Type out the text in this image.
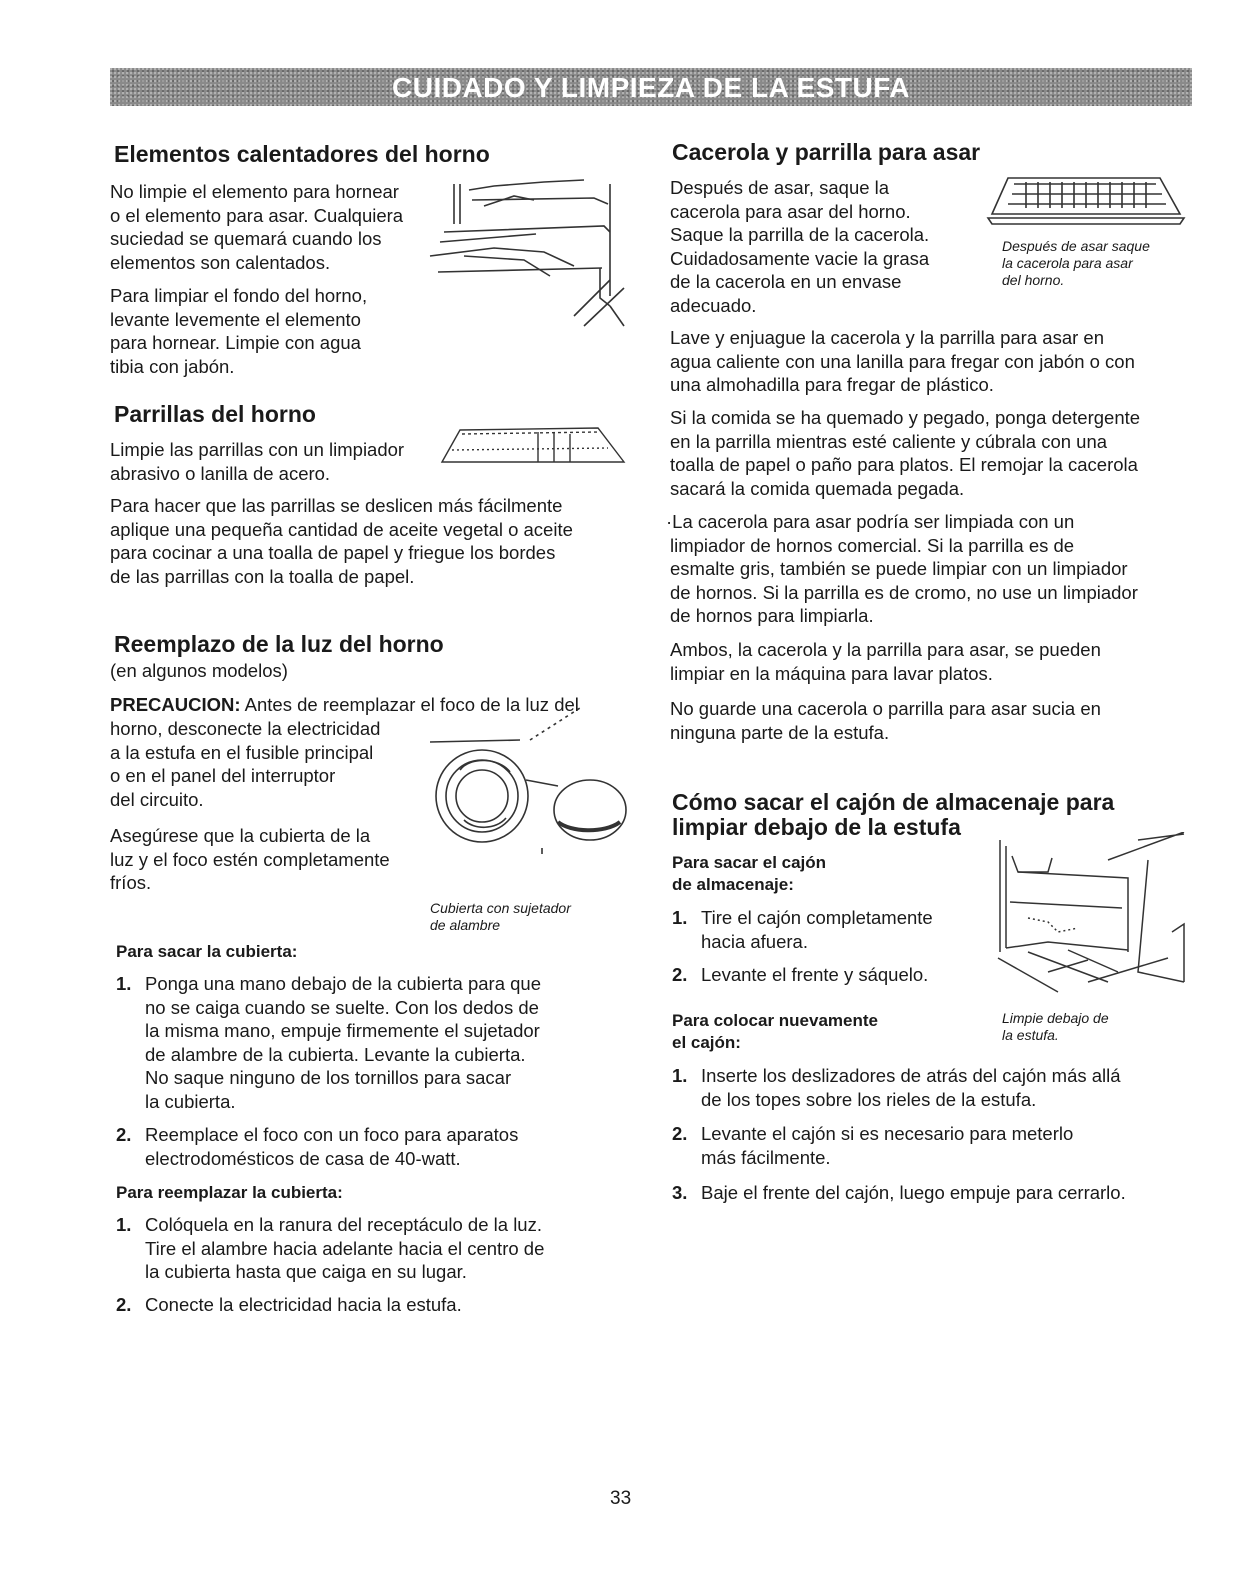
CUIDADO Y LIMPIEZA DE LA ESTUFA
Elementos calentadores del horno

No limpie el elemento para hornear

o el elemento para asar. Cualquiera

suciedad se quemará cuando los

elementos son calentados.

Para limpiar el fondo del horno,

levante levemente el elemento

para hornear. Limpie con agua

tibia con jabón.

Parrillas del horno

Limpie las parrillas con un limpiador

abrasivo o lanilla de acero.

Para hacer que las parrillas se deslicen más fácilmente

aplique una pequeña cantidad de aceite vegetal o aceite

para cocinar a una toalla de papel y friegue los bordes

de las parrillas con la toalla de papel.

Reemplazo de la luz del horno

(en algunos modelos)

PRECAUCION: Antes de reemplazar el foco de la luz del

horno, desconecte la electricidad

a la estufa en el fusible principal

o en el panel del interruptor

del circuito.

Asegúrese que la cubierta de la

luz y el foco estén completamente

fríos.

Cubierta con sujetador

de alambre

Para sacar la cubierta:

1. Ponga una mano debajo de la cubierta para que

no se caiga cuando se suelte. Con los dedos de

la misma mano, empuje firmemente el sujetador

de alambre de la cubierta. Levante la cubierta.

No saque ninguno de los tornillos para sacar

la cubierta.

2. Reemplace el foco con un foco para aparatos

electrodomésticos de casa de 40-watt.

Para reemplazar la cubierta:

1. Colóquela en la ranura del receptáculo de la luz.

Tire el alambre hacia adelante hacia el centro de

la cubierta hasta que caiga en su lugar.

2. Conecte la electricidad hacia la estufa.

Cacerola y parrilla para asar

Después de asar, saque la

cacerola para asar del horno.

Saque la parrilla de la cacerola.

Cuidadosamente vacie la grasa

de la cacerola en un envase

adecuado.

Después de asar saque

la cacerola para asar

del horno.

Lave y enjuague la cacerola y la parrilla para asar en

agua caliente con una lanilla para fregar con jabón o con

una almohadilla para fregar de plástico.

Si la comida se ha quemado y pegado, ponga detergente

en la parrilla mientras esté caliente y cúbrala con una

toalla de papel o paño para platos. El remojar la cacerola

sacará la comida quemada pegada.

·La cacerola para asar podría ser limpiada con un

limpiador de hornos comercial. Si la parrilla es de

esmalte gris, también se puede limpiar con un limpiador

de hornos. Si la parrilla es de cromo, no use un limpiador

de hornos para limpiarla.

Ambos, la cacerola y la parrilla para asar, se pueden

limpiar en la máquina para lavar platos.

No guarde una cacerola o parrilla para asar sucia en

ninguna parte de la estufa.

Cómo sacar el cajón de almacenaje para
limpiar debajo de la estufa

Para sacar el cajón

de almacenaje:

1. Tire el cajón completamente

hacia afuera.

2. Levante el frente y sáquelo.

Limpie debajo de

la estufa.

Para colocar nuevamente

el cajón:

1. Inserte los deslizadores de atrás del cajón más allá

de los topes sobre los rieles de la estufa.

2. Levante el cajón si es necesario para meterlo

más fácilmente.

3. Baje el frente del cajón, luego empuje para cerrarlo.

33
